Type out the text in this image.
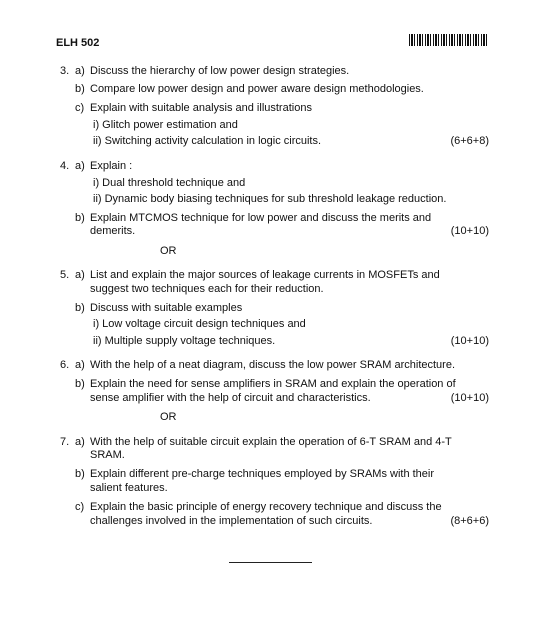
ELH 502
3. a) Discuss the hierarchy of low power design strategies.
b) Compare low power design and power aware design methodologies.
c) Explain with suitable analysis and illustrations
i) Glitch power estimation and
ii) Switching activity calculation in logic circuits.	(6+6+8)
4. a) Explain :
i) Dual threshold technique and
ii) Dynamic body biasing techniques for sub threshold leakage reduction.
b) Explain MTCMOS technique for low power and discuss the merits and
demerits.	(10+10)
OR
5. a) List and explain the major sources of leakage currents in MOSFETs and
suggest two techniques each for their reduction.
b) Discuss with suitable examples
i) Low voltage circuit design techniques and
ii) Multiple supply voltage techniques.	(10+10)
6. a) With the help of a neat diagram, discuss the low power SRAM architecture.
b) Explain the need for sense amplifiers in SRAM and explain the operation of
sense amplifier with the help of circuit and characteristics.	(10+10)
OR
7. a) With the help of suitable circuit explain the operation of 6-T SRAM and 4-T
SRAM.
b) Explain different pre-charge techniques employed by SRAMs with their
salient features.
c) Explain the basic principle of energy recovery technique and discuss the
challenges involved in the implementation of such circuits.	(8+6+6)
